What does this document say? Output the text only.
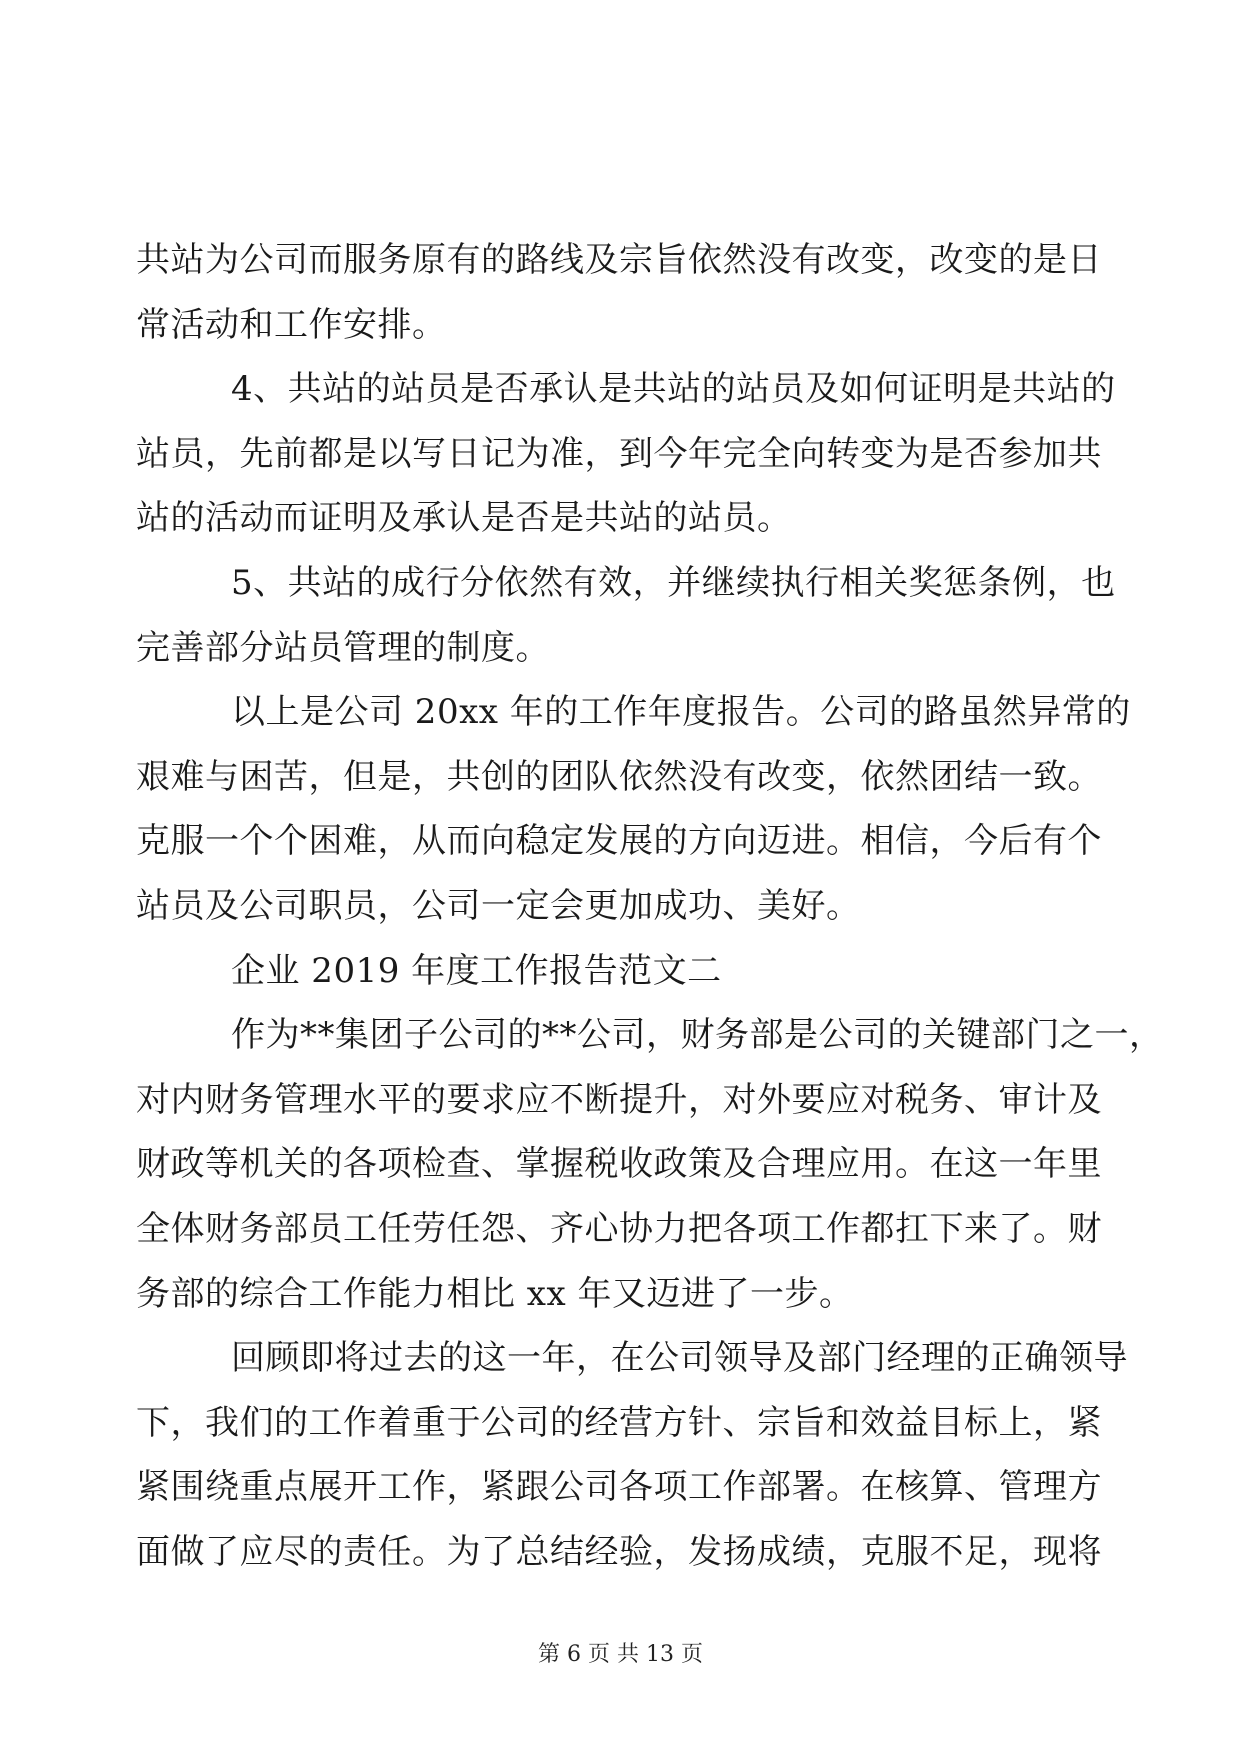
共站为公司而服务原有的路线及宗旨依然没有改变，改变的是日
常活动和工作安排。
4、共站的站员是否承认是共站的站员及如何证明是共站的
站员，先前都是以写日记为准，到今年完全向转变为是否参加共
站的活动而证明及承认是否是共站的站员。
5、共站的成行分依然有效，并继续执行相关奖惩条例，也
完善部分站员管理的制度。
以上是公司 20xx 年的工作年度报告。公司的路虽然异常的
艰难与困苦，但是，共创的团队依然没有改变，依然团结一致。
克服一个个困难，从而向稳定发展的方向迈进。相信，今后有个
站员及公司职员，公司一定会更加成功、美好。
企业 2019 年度工作报告范文二
作为**集团子公司的**公司，财务部是公司的关键部门之一，
对内财务管理水平的要求应不断提升，对外要应对税务、审计及
财政等机关的各项检查、掌握税收政策及合理应用。在这一年里
全体财务部员工任劳任怨、齐心协力把各项工作都扛下来了。财
务部的综合工作能力相比 xx 年又迈进了一步。
回顾即将过去的这一年，在公司领导及部门经理的正确领导
下，我们的工作着重于公司的经营方针、宗旨和效益目标上，紧
紧围绕重点展开工作，紧跟公司各项工作部署。在核算、管理方
面做了应尽的责任。为了总结经验，发扬成绩，克服不足，现将
第 6 页 共 13 页
